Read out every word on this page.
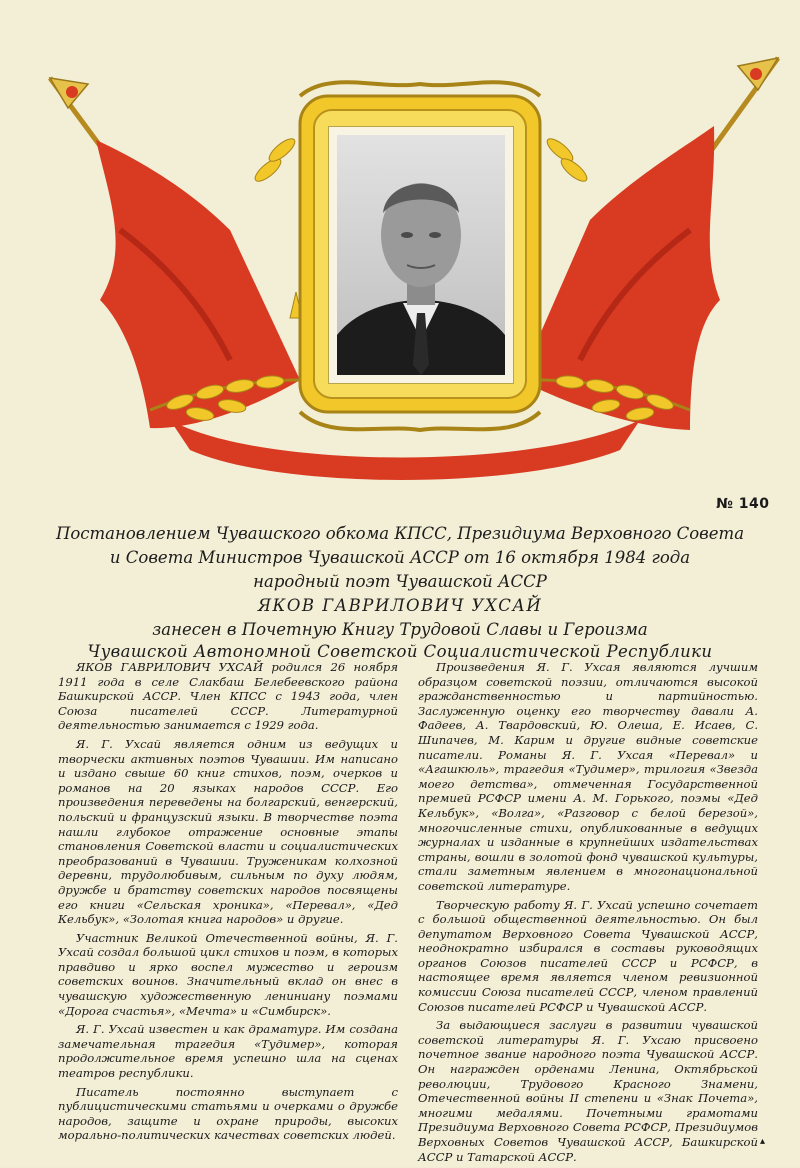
№ 140
Постановлением Чувашского обкома КПСС, Президиума Верховного Совета
и Совета Министров Чувашской АССР от 16 октября 1984 года
народный поэт Чувашской АССР
ЯКОВ ГАВРИЛОВИЧ УХСАЙ
занесен в Почетную Книгу Трудовой Славы и Героизма
Чувашской Автономной Советской Социалистической Республики

ЯКОВ ГАВРИЛОВИЧ УХСАЙ родился 26 ноября 1911 года в селе Слакбаш Белебеевского района Башкирской АССР. Член КПСС с 1943 года, член Союза писателей СССР. Литературной деятельностью занимается с 1929 года.

Я. Г. Ухсай является одним из ведущих и творчески активных поэтов Чувашии. Им написано и издано свыше 60 книг стихов, поэм, очерков и романов на 20 языках народов СССР. Его произведения переведены на болгарский, венгерский, польский и французский языки. В творчестве поэта нашли глубокое отражение основные этапы становления Советской власти и социалистических преобразований в Чувашии. Труженикам колхозной деревни, трудолюбивым, сильным по духу людям, дружбе и братству советских народов посвящены его книги «Сельская хроника», «Перевал», «Дед Кельбук», «Золотая книга народов» и другие.

Участник Великой Отечественной войны, Я. Г. Ухсай создал большой цикл стихов и поэм, в которых правдиво и ярко воспел мужество и героизм советских воинов. Значительный вклад он внес в чувашскую художественную лениниану поэмами «Дорога счастья», «Мечта» и «Симбирск».

Я. Г. Ухсай известен и как драматург. Им создана замечательная трагедия «Тудимер», которая продолжительное время успешно шла на сценах театров республики.

Писатель постоянно выступает с публицистическими статьями и очерками о дружбе народов, защите и охране природы, высоких морально-политических качествах советских людей.

Произведения Я. Г. Ухсая являются лучшим образцом советской поэзии, отличаются высокой гражданственностью и партийностью. Заслуженную оценку его творчеству давали А. Фадеев, А. Твардовский, Ю. Олеша, Е. Исаев, С. Шипачев, М. Карим и другие видные советские писатели. Романы Я. Г. Ухсая «Перевал» и «Агашкюль», трагедия «Тудимер», трилогия «Звезда моего детства», отмеченная Государственной премией РСФСР имени А. М. Горького, поэмы «Дед Кельбук», «Волга», «Разговор с белой березой», многочисленные стихи, опубликованные в ведущих журналах и изданные в крупнейших издательствах страны, вошли в золотой фонд чувашской культуры, стали заметным явлением в многонациональной советской литературе.

Творческую работу Я. Г. Ухсай успешно сочетает с большой общественной деятельностью. Он был депутатом Верховного Совета Чувашской АССР, неоднократно избирался в составы руководящих органов Союзов писателей СССР и РСФСР, в настоящее время является членом ревизионной комиссии Союза писателей СССР, членом правлений Союзов писателей РСФСР и Чувашской АССР.

За выдающиеся заслуги в развитии чувашской советской литературы Я. Г. Ухсаю присвоено почетное звание народного поэта Чувашской АССР. Он награжден орденами Ленина, Октябрьской революции, Трудового Красного Знамени, Отечественной войны II степени и «Знак Почета», многими медалями. Почетными грамотами Президиума Верховного Совета РСФСР, Президиумов Верховных Советов Чувашской АССР, Башкирской АССР и Татарской АССР.

▴
